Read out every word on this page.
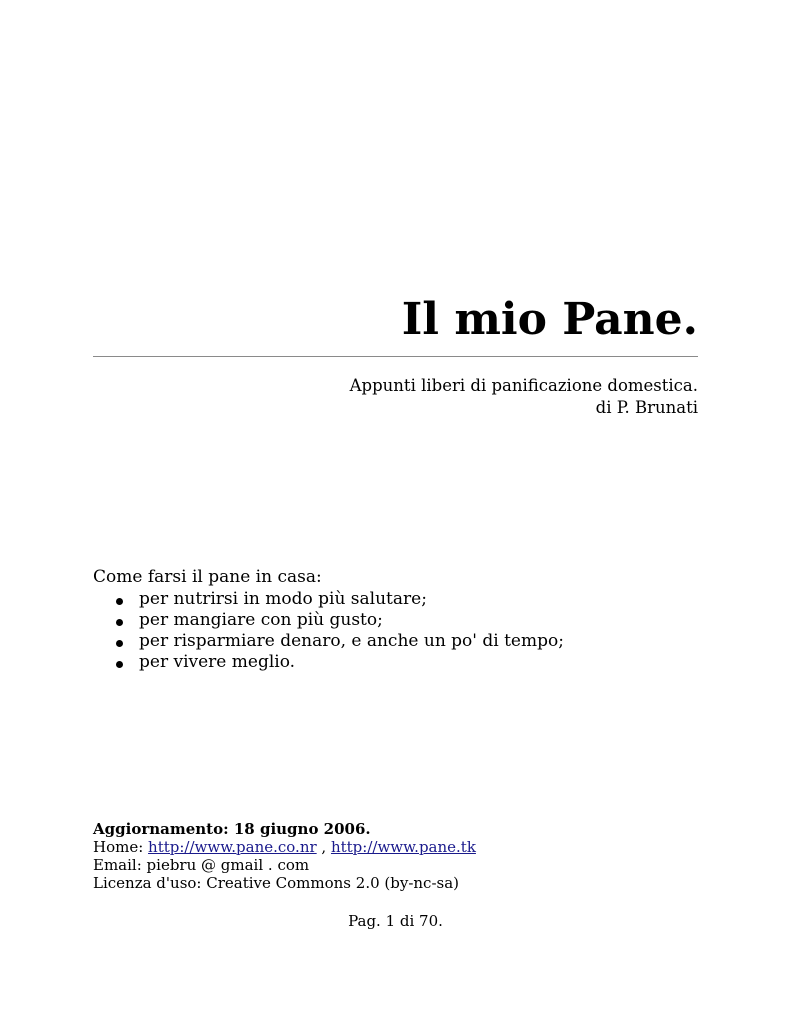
Il mio Pane.
Appunti liberi di panificazione domestica.
di P. Brunati
Come farsi il pane in casa:
per nutrirsi in modo più salutare;
per mangiare con più gusto;
per risparmiare denaro, e anche un po' di tempo;
per vivere meglio.
Aggiornamento: 18 giugno 2006.
Home: http://www.pane.co.nr , http://www.pane.tk
Email: piebru @ gmail . com
Licenza d'uso: Creative Commons 2.0 (by-nc-sa)
Pag. 1 di 70.
